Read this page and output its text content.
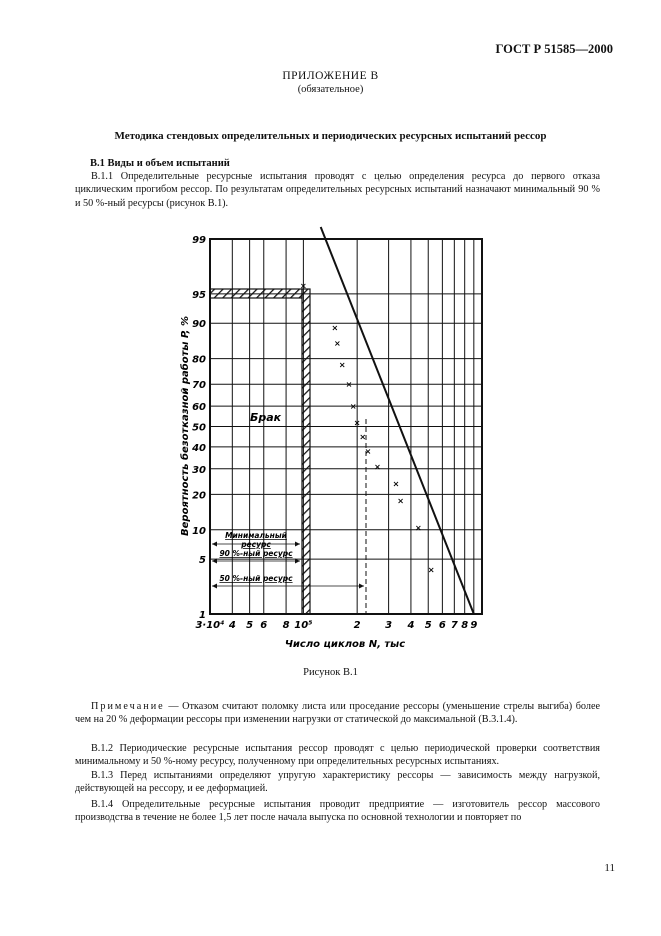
ГОСТ Р 51585—2000
ПРИЛОЖЕНИЕ В
(обязательное)
Методика стендовых определительных и периодических ресурсных испытаний рессор
В.1 Виды и объем испытаний
В.1.1 Определительные ресурсные испытания проводят с целью определения ресурса до первого отказа циклическим прогибом рессор. По результатам определительных ресурсных испытаний назначают минимальный 90 % и 50 %-ный ресурсы (рисунок В.1).
×
×
×
×
×
×
×
×
×
×
×
×
×
×
99
95
90
80
70
60
50
40
30
20
10
5
1
3·10⁴ 4 5 6 8 10⁵	2 3 4 5 6 7 8 9
Вероятность безотказной работы P, %
Число циклов N, тыс
Брак
Минимальный
ресурс
90 %-ный ресурс
50 %-ный ресурс
Рисунок В.1
Примечание — Отказом считают поломку листа или проседание рессоры (уменьшение стрелы выгиба) более чем на 20 % деформации рессоры при изменении нагрузки от статической до максимальной (В.3.1.4).
В.1.2 Периодические ресурсные испытания рессор проводят с целью периодической проверки соответствия минимальному и 50 %-ному ресурсу, полученному при определительных ресурсных испытаниях.
В.1.3 Перед испытаниями определяют упругую характеристику рессоры — зависимость между нагрузкой, действующей на рессору, и ее деформацией.
В.1.4 Определительные ресурсные испытания проводит предприятие — изготовитель рессор массового производства в течение не более 1,5 лет после начала выпуска по основной технологии и повторяет по
11
